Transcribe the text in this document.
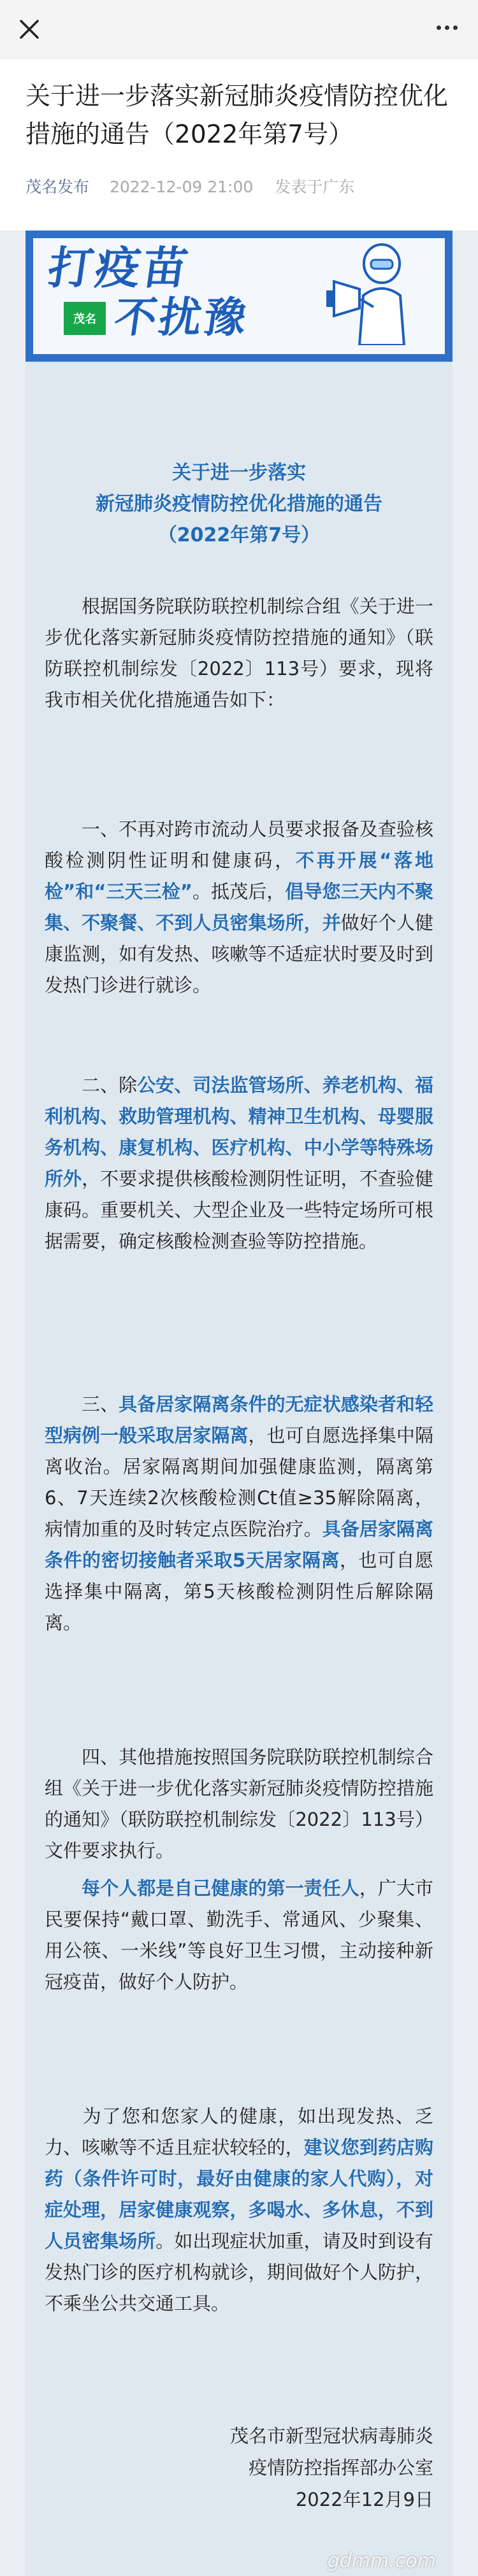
关于进一步落实新冠肺炎疫情防控优化措施的通告（2022年第7号）
茂名发布 2022-12-09 21:00 发表于广东
打疫苗
茂名 不扰豫
关于进一步落实
新冠肺炎疫情防控优化措施的通告
（2022年第7号）
根据国务院联防联控机制综合组《关于进一步优化落实新冠肺炎疫情防控措施的通知》（联防联控机制综发〔2022〕113号）要求，现将我市相关优化措施通告如下：
一、不再对跨市流动人员要求报备及查验核酸检测阴性证明和健康码，不再开展“落地检”和“三天三检”。抵茂后，倡导您三天内不聚集、不聚餐、不到人员密集场所，并做好个人健康监测，如有发热、咳嗽等不适症状时要及时到发热门诊进行就诊。
二、除公安、司法监管场所、养老机构、福利机构、救助管理机构、精神卫生机构、母婴服务机构、康复机构、医疗机构、中小学等特殊场所外，不要求提供核酸检测阴性证明，不查验健康码。重要机关、大型企业及一些特定场所可根据需要，确定核酸检测查验等防控措施。
三、具备居家隔离条件的无症状感染者和轻型病例一般采取居家隔离，也可自愿选择集中隔离收治。居家隔离期间加强健康监测，隔离第6、7天连续2次核酸检测Ct值≥35解除隔离，病情加重的及时转定点医院治疗。具备居家隔离条件的密切接触者采取5天居家隔离，也可自愿选择集中隔离，第5天核酸检测阴性后解除隔离。
四、其他措施按照国务院联防联控机制综合组《关于进一步优化落实新冠肺炎疫情防控措施的通知》（联防联控机制综发〔2022〕113号）文件要求执行。
每个人都是自己健康的第一责任人，广大市民要保持“戴口罩、勤洗手、常通风、少聚集、用公筷、一米线”等良好卫生习惯，主动接种新冠疫苗，做好个人防护。
为了您和您家人的健康，如出现发热、乏力、咳嗽等不适且症状较轻的，建议您到药店购药（条件许可时，最好由健康的家人代购），对症处理，居家健康观察，多喝水、多休息，不到人员密集场所。如出现症状加重，请及时到设有发热门诊的医疗机构就诊，期间做好个人防护，不乘坐公共交通工具。
茂名市新型冠状病毒肺炎
疫情防控指挥部办公室
2022年12月9日
gdmm.com
